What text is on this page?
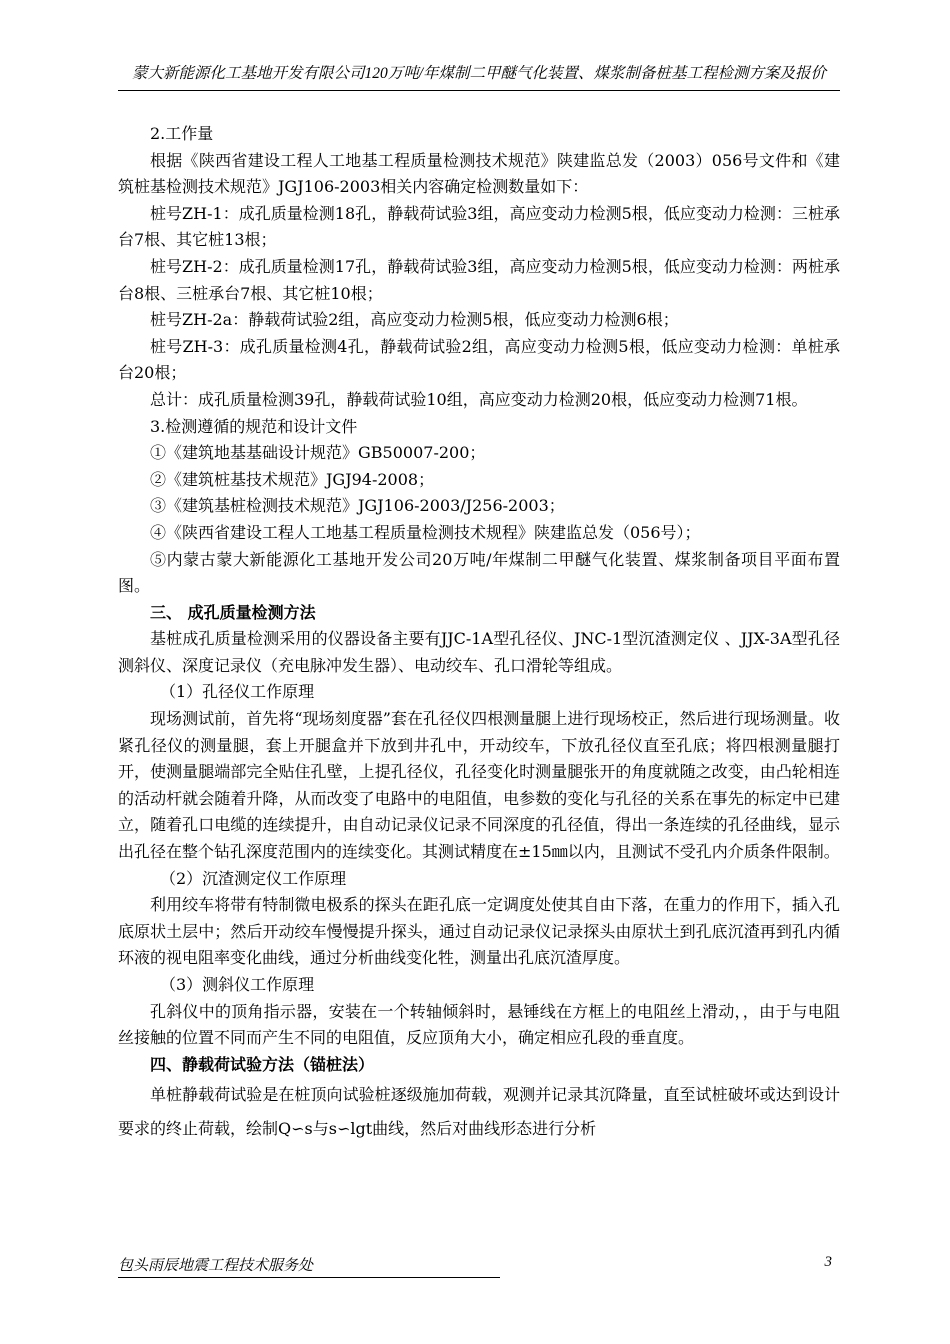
蒙大新能源化工基地开发有限公司120万吨/年煤制二甲醚气化装置、煤浆制备桩基工程检测方案及报价

2.工作量

根据《陕西省建设工程人工地基工程质量检测技术规范》陕建监总发（2003）056号文件和《建筑桩基检测技术规范》JGJ106-2003相关内容确定检测数量如下：

桩号ZH-1：成孔质量检测18孔，静载荷试验3组，高应变动力检测5根，低应变动力检测：三桩承台7根、其它桩13根；

桩号ZH-2：成孔质量检测17孔，静载荷试验3组，高应变动力检测5根，低应变动力检测：两桩承台8根、三桩承台7根、其它桩10根；

桩号ZH-2a：静载荷试验2组，高应变动力检测5根，低应变动力检测6根；

桩号ZH-3：成孔质量检测4孔，静载荷试验2组，高应变动力检测5根，低应变动力检测：单桩承台20根；

总计：成孔质量检测39孔，静载荷试验10组，高应变动力检测20根，低应变动力检测71根。

3.检测遵循的规范和设计文件

①《建筑地基基础设计规范》GB50007-200；

②《建筑桩基技术规范》JGJ94-2008；

③《建筑基桩检测技术规范》JGJ106-2003/J256-2003；

④《陕西省建设工程人工地基工程质量检测技术规程》陕建监总发（056号）；

⑤内蒙古蒙大新能源化工基地开发公司20万吨/年煤制二甲醚气化装置、煤浆制备项目平面布置图。

三、 成孔质量检测方法

基桩成孔质量检测采用的仪器设备主要有JJC-1A型孔径仪、JNC-1型沉渣测定仪 、JJX-3A型孔径测斜仪、深度记录仪（充电脉冲发生器）、电动绞车、孔口滑轮等组成。

（1）孔径仪工作原理

现场测试前，首先将“现场刻度器”套在孔径仪四根测量腿上进行现场校正，然后进行现场测量。收紧孔径仪的测量腿，套上开腿盒并下放到井孔中，开动绞车，下放孔径仪直至孔底；将四根测量腿打开，使测量腿端部完全贴住孔壁，上提孔径仪，孔径变化时测量腿张开的角度就随之改变，由凸轮相连的活动杆就会随着升降，从而改变了电路中的电阻值，电参数的变化与孔径的关系在事先的标定中已建立，随着孔口电缆的连续提升，由自动记录仪记录不同深度的孔径值，得出一条连续的孔径曲线，显示出孔径在整个钻孔深度范围内的连续变化。其测试精度在±15㎜以内，且测试不受孔内介质条件限制。

（2）沉渣测定仪工作原理

利用绞车将带有特制微电极系的探头在距孔底一定调度处使其自由下落，在重力的作用下，插入孔底原状土层中；然后开动绞车慢慢提升探头，通过自动记录仪记录探头由原状土到孔底沉渣再到孔内循环液的视电阻率变化曲线，通过分析曲线变化牲，测量出孔底沉渣厚度。

（3）测斜仪工作原理

孔斜仪中的顶角指示器，安装在一个转轴倾斜时，悬锤线在方框上的电阻丝上滑动，，由于与电阻丝接触的位置不同而产生不同的电阻值，反应顶角大小，确定相应孔段的垂直度。

四、静载荷试验方法（锚桩法）

单桩静载荷试验是在桩顶向试验桩逐级施加荷载，观测并记录其沉降量，直至试桩破坏或达到设计要求的终止荷载，绘制Q∽s与s∽lgt曲线，然后对曲线形态进行分析

包头雨辰地震工程技术服务处	3
